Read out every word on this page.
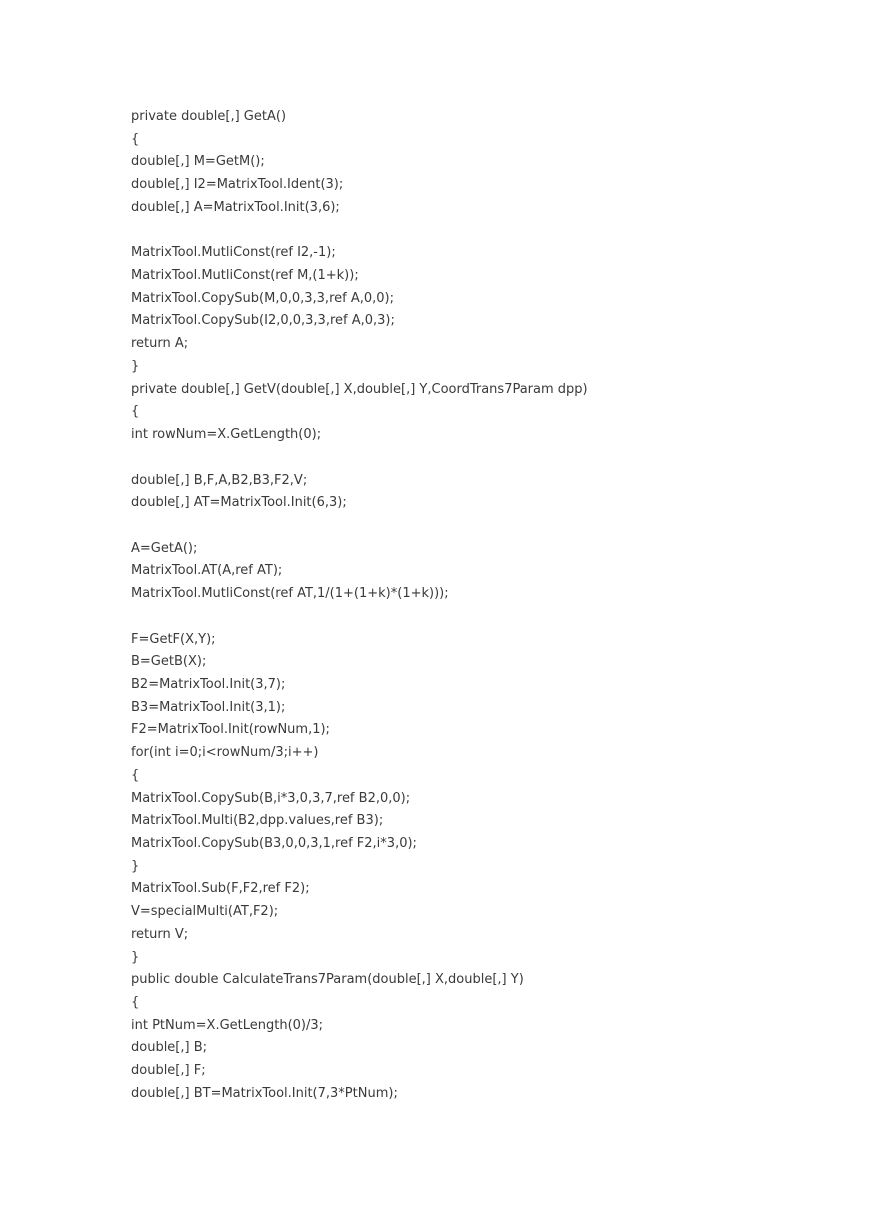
private double[,] GetA()
{
double[,] M=GetM();
double[,] I2=MatrixTool.Ident(3);
double[,] A=MatrixTool.Init(3,6);
MatrixTool.MutliConst(ref I2,-1);
MatrixTool.MutliConst(ref M,(1+k));
MatrixTool.CopySub(M,0,0,3,3,ref A,0,0);
MatrixTool.CopySub(I2,0,0,3,3,ref A,0,3);
return A;
}
private double[,] GetV(double[,] X,double[,] Y,CoordTrans7Param dpp)
{
int rowNum=X.GetLength(0);
double[,] B,F,A,B2,B3,F2,V;
double[,] AT=MatrixTool.Init(6,3);
A=GetA();
MatrixTool.AT(A,ref AT);
MatrixTool.MutliConst(ref AT,1/(1+(1+k)*(1+k)));
F=GetF(X,Y);
B=GetB(X);
B2=MatrixTool.Init(3,7);
B3=MatrixTool.Init(3,1);
F2=MatrixTool.Init(rowNum,1);
for(int i=0;i<rowNum/3;i++)
{
MatrixTool.CopySub(B,i*3,0,3,7,ref B2,0,0);
MatrixTool.Multi(B2,dpp.values,ref B3);
MatrixTool.CopySub(B3,0,0,3,1,ref F2,i*3,0);
}
MatrixTool.Sub(F,F2,ref F2);
V=specialMulti(AT,F2);
return V;
}
public double CalculateTrans7Param(double[,] X,double[,] Y)
{
int PtNum=X.GetLength(0)/3;
double[,] B;
double[,] F;
double[,] BT=MatrixTool.Init(7,3*PtNum);
